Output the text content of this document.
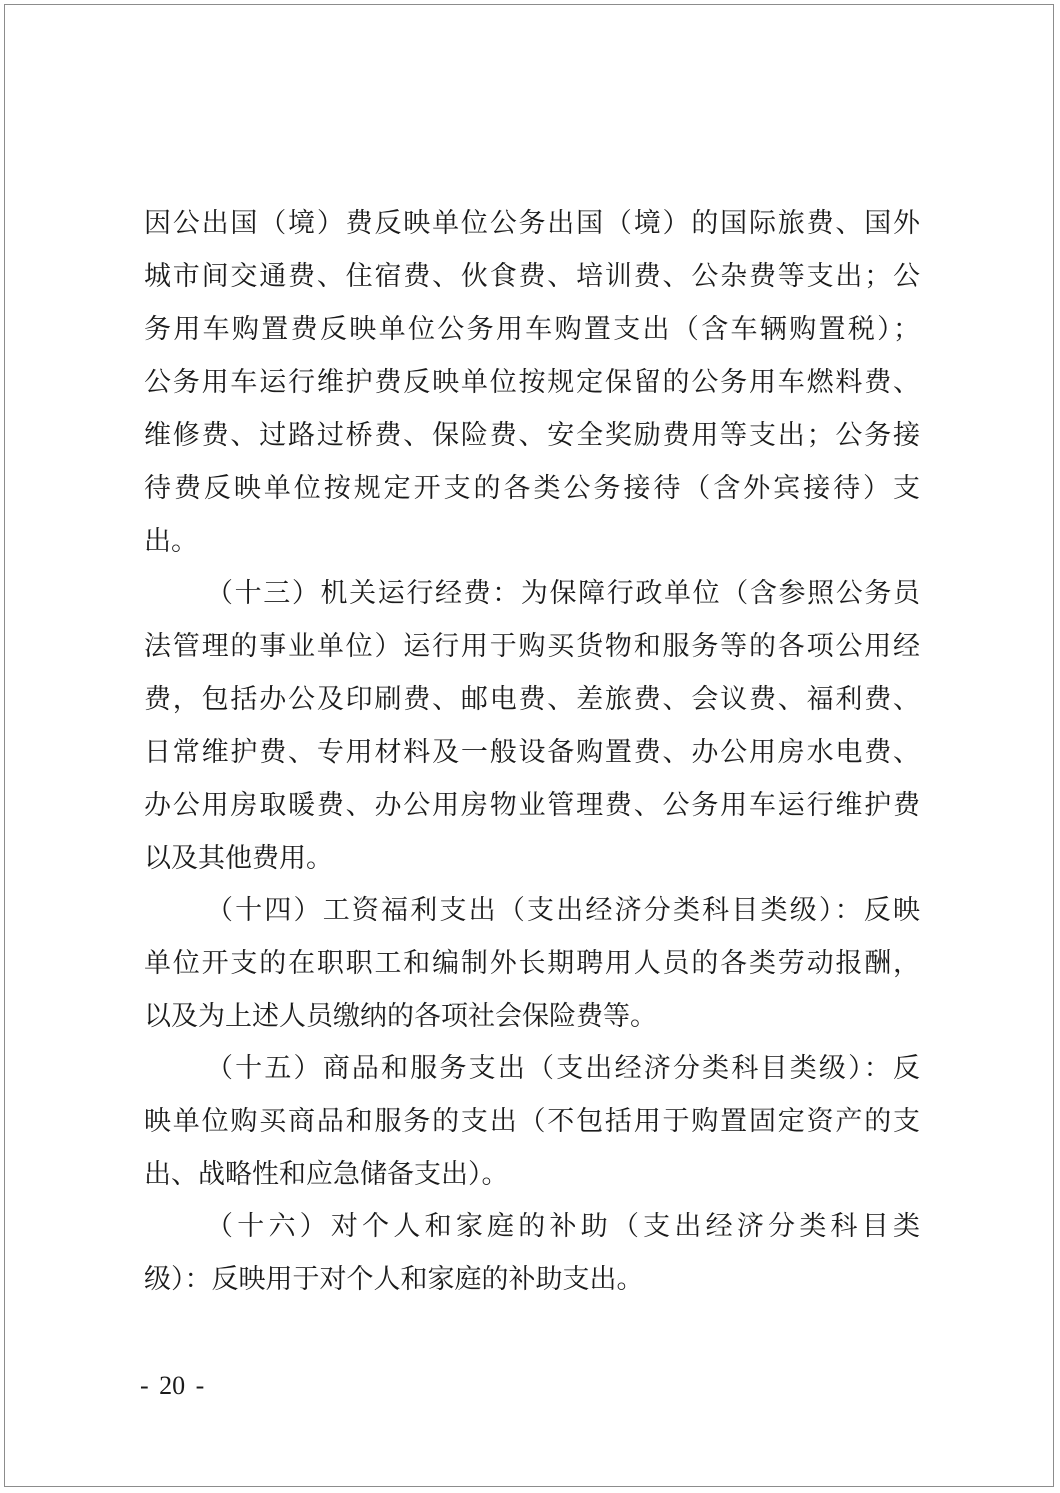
因公出国（境）费反映单位公务出国（境）的国际旅费、国外
城市间交通费、住宿费、伙食费、培训费、公杂费等支出；公
务用车购置费反映单位公务用车购置支出（含车辆购置税）；
公务用车运行维护费反映单位按规定保留的公务用车燃料费、
维修费、过路过桥费、保险费、安全奖励费用等支出；公务接
待费反映单位按规定开支的各类公务接待（含外宾接待）支
出。
（十三）机关运行经费：为保障行政单位（含参照公务员
法管理的事业单位）运行用于购买货物和服务等的各项公用经
费，包括办公及印刷费、邮电费、差旅费、会议费、福利费、
日常维护费、专用材料及一般设备购置费、办公用房水电费、
办公用房取暖费、办公用房物业管理费、公务用车运行维护费
以及其他费用。
（十四）工资福利支出（支出经济分类科目类级）：反映
单位开支的在职职工和编制外长期聘用人员的各类劳动报酬，
以及为上述人员缴纳的各项社会保险费等。
（十五）商品和服务支出（支出经济分类科目类级）：反
映单位购买商品和服务的支出（不包括用于购置固定资产的支
出、战略性和应急储备支出）。
（十六）对个人和家庭的补助（支出经济分类科目类
级）：反映用于对个人和家庭的补助支出。
- 20 -
